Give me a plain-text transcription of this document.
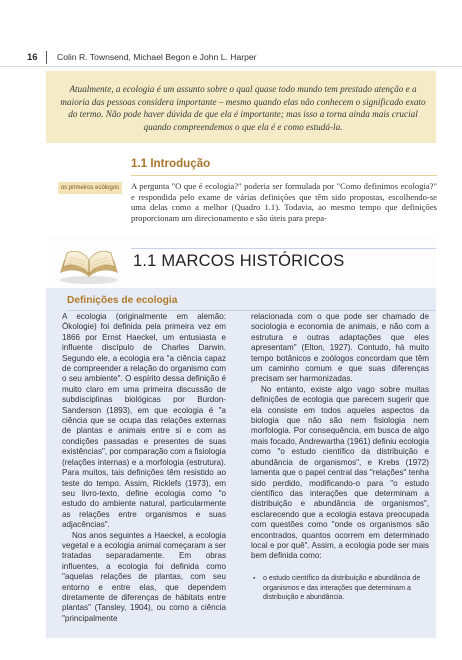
16 Colin R. Townsend, Michael Begon e John L. Harper
Atualmente, a ecologia é um assunto sobre o qual quase todo mundo tem prestado atenção e a maioria das pessoas considera importante – mesmo quando elas não conhecem o significado exato do termo. Não pode haver dúvida de que ela é importante; mas isso a torna ainda mais crucial quando compreendemos o que ela é e como estudá-la.
1.1 Introdução
os primeiros ecólogos	A pergunta "O que é ecologia?" poderia ser formulada por "Como definimos ecologia?" e respondida pelo exame de várias definições que têm sido propostas, escolhendo-se uma delas como a melhor (Quadro 1.1). Todavia, ao mesmo tempo que definições proporcionam um direcionamento e são úteis para prepa-
1.1 MARCOS HISTÓRICOS
Definições de ecologia

A ecologia (originalmente em alemão: Ökologie) foi definida pela primeira vez em 1866 por Ernst Haeckel, um entusiasta e influente discípulo de Charles Darwin. Segundo ele, a ecologia era "a ciência capaz de compreender a relação do organismo com o seu ambiente". O espírito dessa definição é muito claro em uma primeira discussão de subdisciplinas biológicas por Burdon-Sanderson (1893), em que ecologia é "a ciência que se ocupa das relações externas de plantas e animais entre si e com as condições passadas e presentes de suas existências", por comparação com a fisiologia (relações internas) e a morfologia (estrutura). Para muitos, tais definições têm resistido ao teste do tempo. Assim, Ricklefs (1973), em seu livro-texto, define ecologia como "o estudo do ambiente natural, particularmente as relações entre organismos e suas adjacências".

Nos anos seguintes a Haeckel, a ecologia vegetal e a ecologia animal começaram a ser tratadas separadamente. Em obras influentes, a ecologia foi definida como "aquelas relações de plantas, com seu entorno e entre elas, que dependem diretamente de diferenças de hábitats entre plantas" (Tansley, 1904), ou como a ciência "principalmente

relacionada com o que pode ser chamado de sociologia e economia de animais, e não com a estrutura e outras adaptações que eles apresentam" (Elton, 1927). Contudo, há muito tempo botânicos e zoólogos concordam que têm um caminho comum e que suas diferenças precisam ser harmonizadas.

No entanto, existe algo vago sobre muitas definições de ecologia que parecem sugerir que ela consiste em todos aqueles aspectos da biologia que não são nem fisiologia nem morfologia. Por consequência, em busca de algo mais focado, Andrewartha (1961) definiu ecologia como "o estudo científico da distribuição e abundância de organismos", e Krebs (1972) lamenta que o papel central das "relações" tenha sido perdido, modificando-o para "o estudo científico das interações que determinam a distribuição e abundância de organismos", esclarecendo que a ecologia estava preocupada com questões como "onde os organismos são encontrados, quantos ocorrem em determinado local e por quê". Assim, a ecologia pode ser mais bem definida como:

▪ o estudo científico da distribuição e abundância de organismos e das interações que determinam a distribuição e abundância.
